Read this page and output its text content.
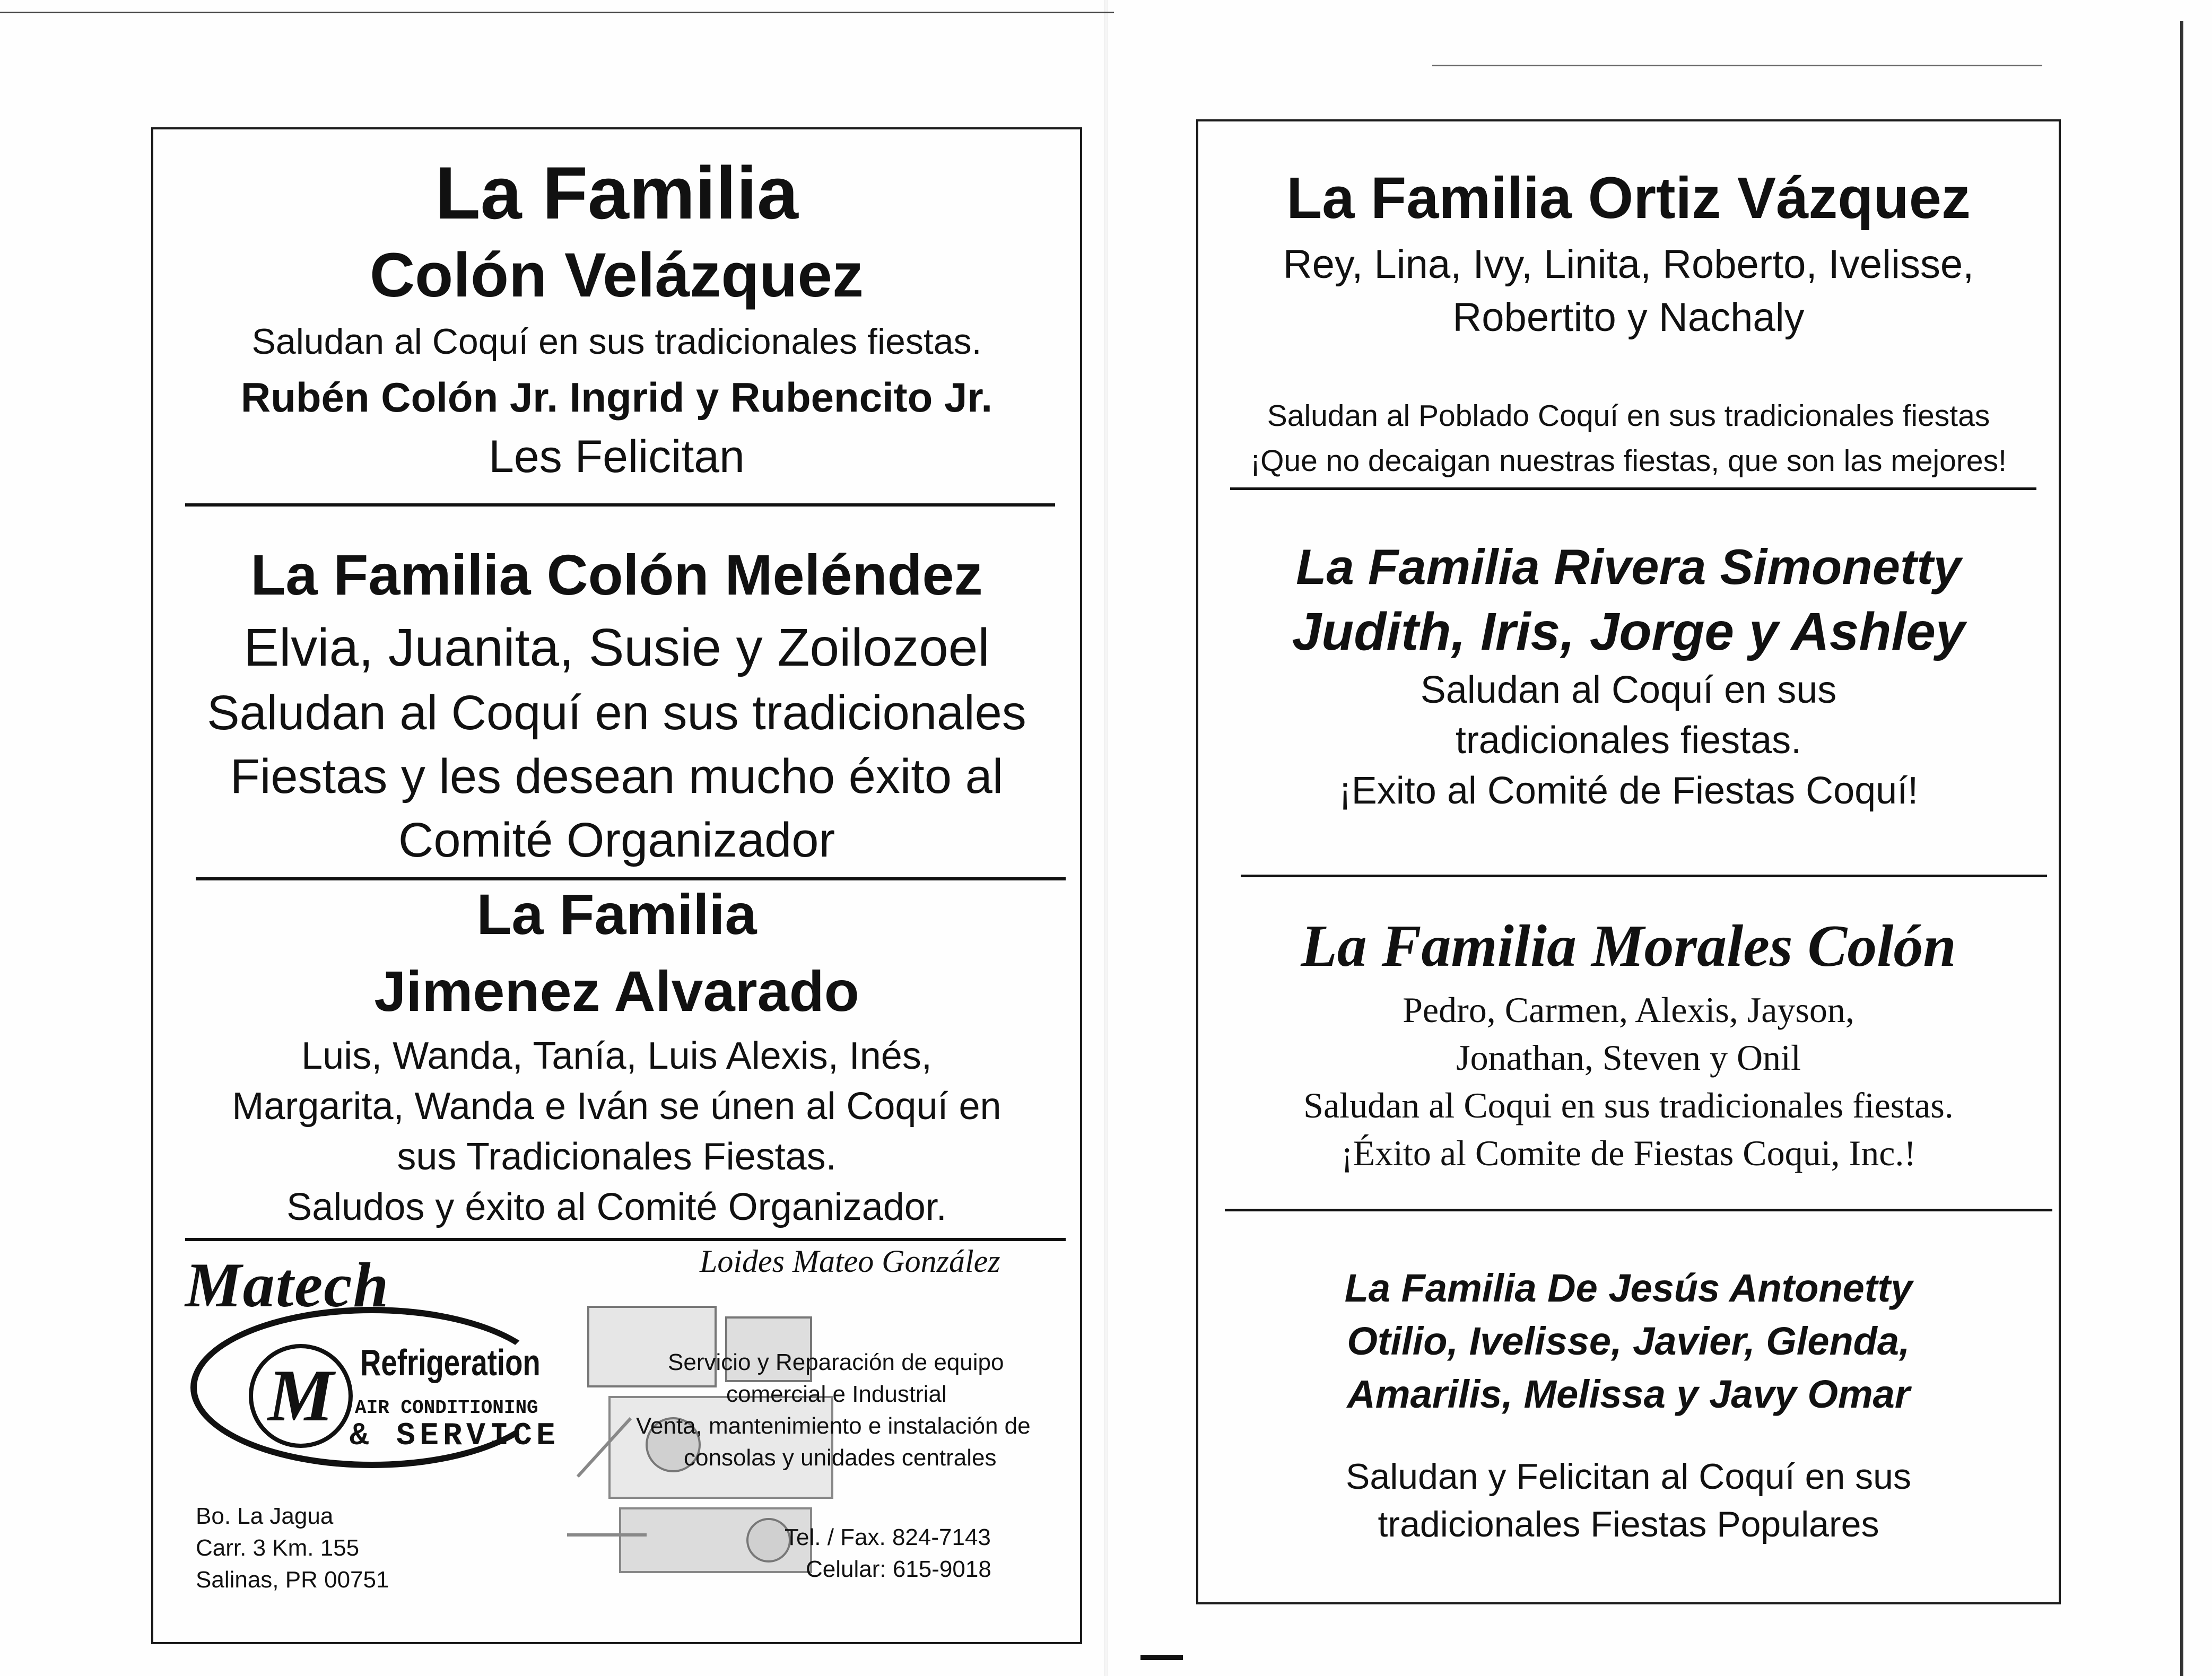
La Familia
Colón Velázquez
Saludan al Coquí en sus tradicionales fiestas.
Rubén Colón Jr. Ingrid y Rubencito Jr.
Les Felicitan
La Familia Colón Meléndez
Elvia, Juanita, Susie y Zoilozoel
Saludan al Coquí en sus tradicionales
Fiestas y les desean mucho éxito al
Comité Organizador
La Familia
Jimenez Alvarado
Luis, Wanda, Tanía, Luis Alexis, Inés,
Margarita, Wanda e Iván se únen al Coquí en
sus Tradicionales Fiestas.
Saludos y éxito al Comité Organizador.
Matech
M Refrigeration
AIR CONDITIONING
& SERVICE
Loides Mateo González
Servicio y Reparación de equipo
comercial e Industrial
Venta, mantenimiento e instalación de
consolas y unidades centrales
Bo. La Jagua
Carr. 3 Km. 155
Salinas, PR 00751
Tel. / Fax. 824-7143
Celular: 615-9018
La Familia Ortiz Vázquez
Rey, Lina, Ivy, Linita, Roberto, Ivelisse,
Robertito y Nachaly
Saludan al Poblado Coquí en sus tradicionales fiestas
¡Que no decaigan nuestras fiestas, que son las mejores!
La Familia Rivera Simonetty
Judith, Iris, Jorge y Ashley
Saludan al Coquí en sus
tradicionales fiestas.
¡Exito al Comité de Fiestas Coquí!
La Familia Morales Colón
Pedro, Carmen, Alexis, Jayson,
Jonathan, Steven y Onil
Saludan al Coqui en sus tradicionales fiestas.
¡Éxito al Comite de Fiestas Coqui, Inc.!
La Familia De Jesús Antonetty
Otilio, Ivelisse, Javier, Glenda,
Amarilis, Melissa y Javy Omar
Saludan y Felicitan al Coquí en sus
tradicionales Fiestas Populares
